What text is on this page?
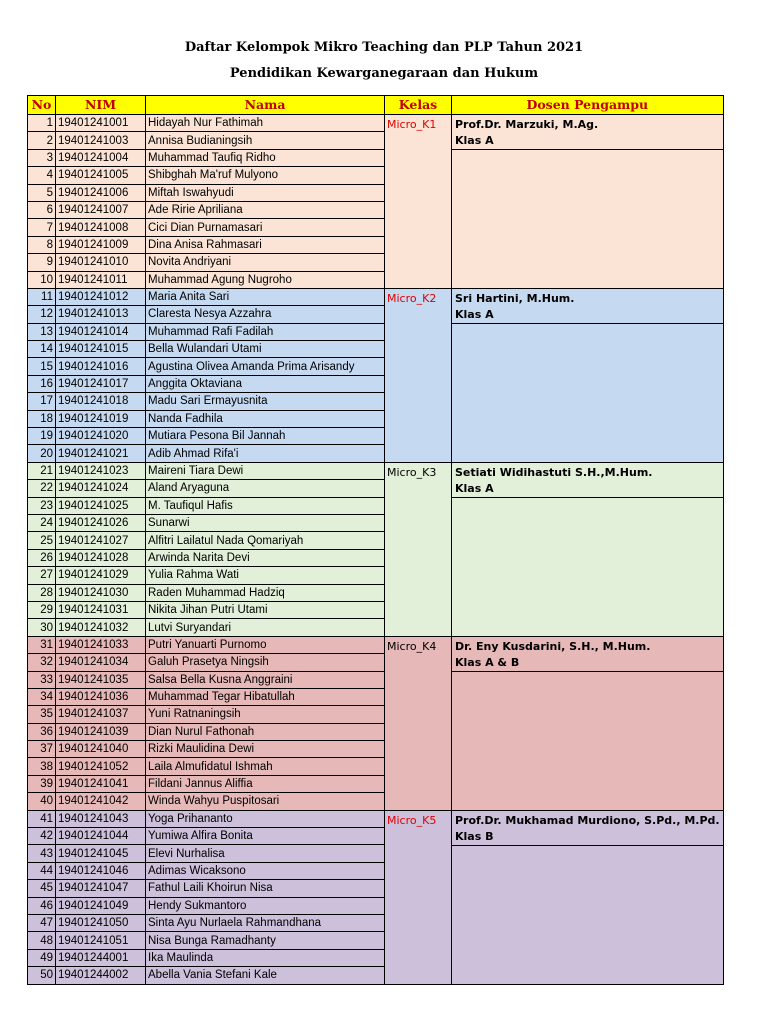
Daftar Kelompok Mikro Teaching dan PLP Tahun 2021
Pendidikan Kewarganegaraan dan Hukum
No	NIM	Nama	Kelas	Dosen Pengampu
1	19401241001	Hidayah Nur Fathimah	Micro_K1	Prof.Dr. Marzuki, M.Ag.
Klas A

2	19401241003	Annisa Budianingsih		
3	19401241004	Muhammad Taufiq Ridho		
4	19401241005	Shibghah Ma'ruf Mulyono		
5	19401241006	Miftah Iswahyudi		
6	19401241007	Ade Ririe Apriliana		
7	19401241008	Cici Dian Purnamasari		
8	19401241009	Dina Anisa Rahmasari		
9	19401241010	Novita Andriyani		
10	19401241011	Muhammad Agung Nugroho		
11	19401241012	Maria Anita Sari	Micro_K2	Sri Hartini, M.Hum.
Klas A

12	19401241013	Claresta Nesya Azzahra		
13	19401241014	Muhammad Rafi Fadilah		
14	19401241015	Bella Wulandari Utami		
15	19401241016	Agustina Olivea Amanda Prima Arisandy		
16	19401241017	Anggita Oktaviana		
17	19401241018	Madu Sari Ermayusnita		
18	19401241019	Nanda Fadhila		
19	19401241020	Mutiara Pesona Bil Jannah		
20	19401241021	Adib Ahmad Rifa'i		
21	19401241023	Maireni Tiara Dewi	Micro_K3	Setiati Widihastuti S.H.,M.Hum.
Klas A

22	19401241024	Aland Aryaguna		
23	19401241025	M. Taufiqul Hafis		
24	19401241026	Sunarwi		
25	19401241027	Alfitri Lailatul Nada Qomariyah		
26	19401241028	Arwinda Narita Devi		
27	19401241029	Yulia Rahma Wati		
28	19401241030	Raden Muhammad Hadziq		
29	19401241031	Nikita Jihan Putri Utami		
30	19401241032	Lutvi Suryandari		
31	19401241033	Putri Yanuarti Purnomo	Micro_K4	Dr. Eny Kusdarini, S.H., M.Hum.
Klas A & B

32	19401241034	Galuh Prasetya Ningsih		
33	19401241035	Salsa Bella Kusna Anggraini		
34	19401241036	Muhammad Tegar Hibatullah		
35	19401241037	Yuni Ratnaningsih		
36	19401241039	Dian Nurul Fathonah		
37	19401241040	Rizki Maulidina Dewi		
38	19401241052	Laila Almufidatul Ishmah		
39	19401241041	Fildani Jannus Aliffia		
40	19401241042	Winda Wahyu Puspitosari		
41	19401241043	Yoga Prihananto	Micro_K5	Prof.Dr. Mukhamad Murdiono, S.Pd., M.Pd.
Klas B

42	19401241044	Yumiwa Alfira Bonita		
43	19401241045	Elevi Nurhalisa		
44	19401241046	Adimas Wicaksono		
45	19401241047	Fathul Laili Khoirun Nisa		
46	19401241049	Hendy Sukmantoro		
47	19401241050	Sinta Ayu Nurlaela Rahmandhana		
48	19401241051	Nisa Bunga Ramadhanty		
49	19401244001	Ika Maulinda		
50	19401244002	Abella Vania Stefani Kale		
